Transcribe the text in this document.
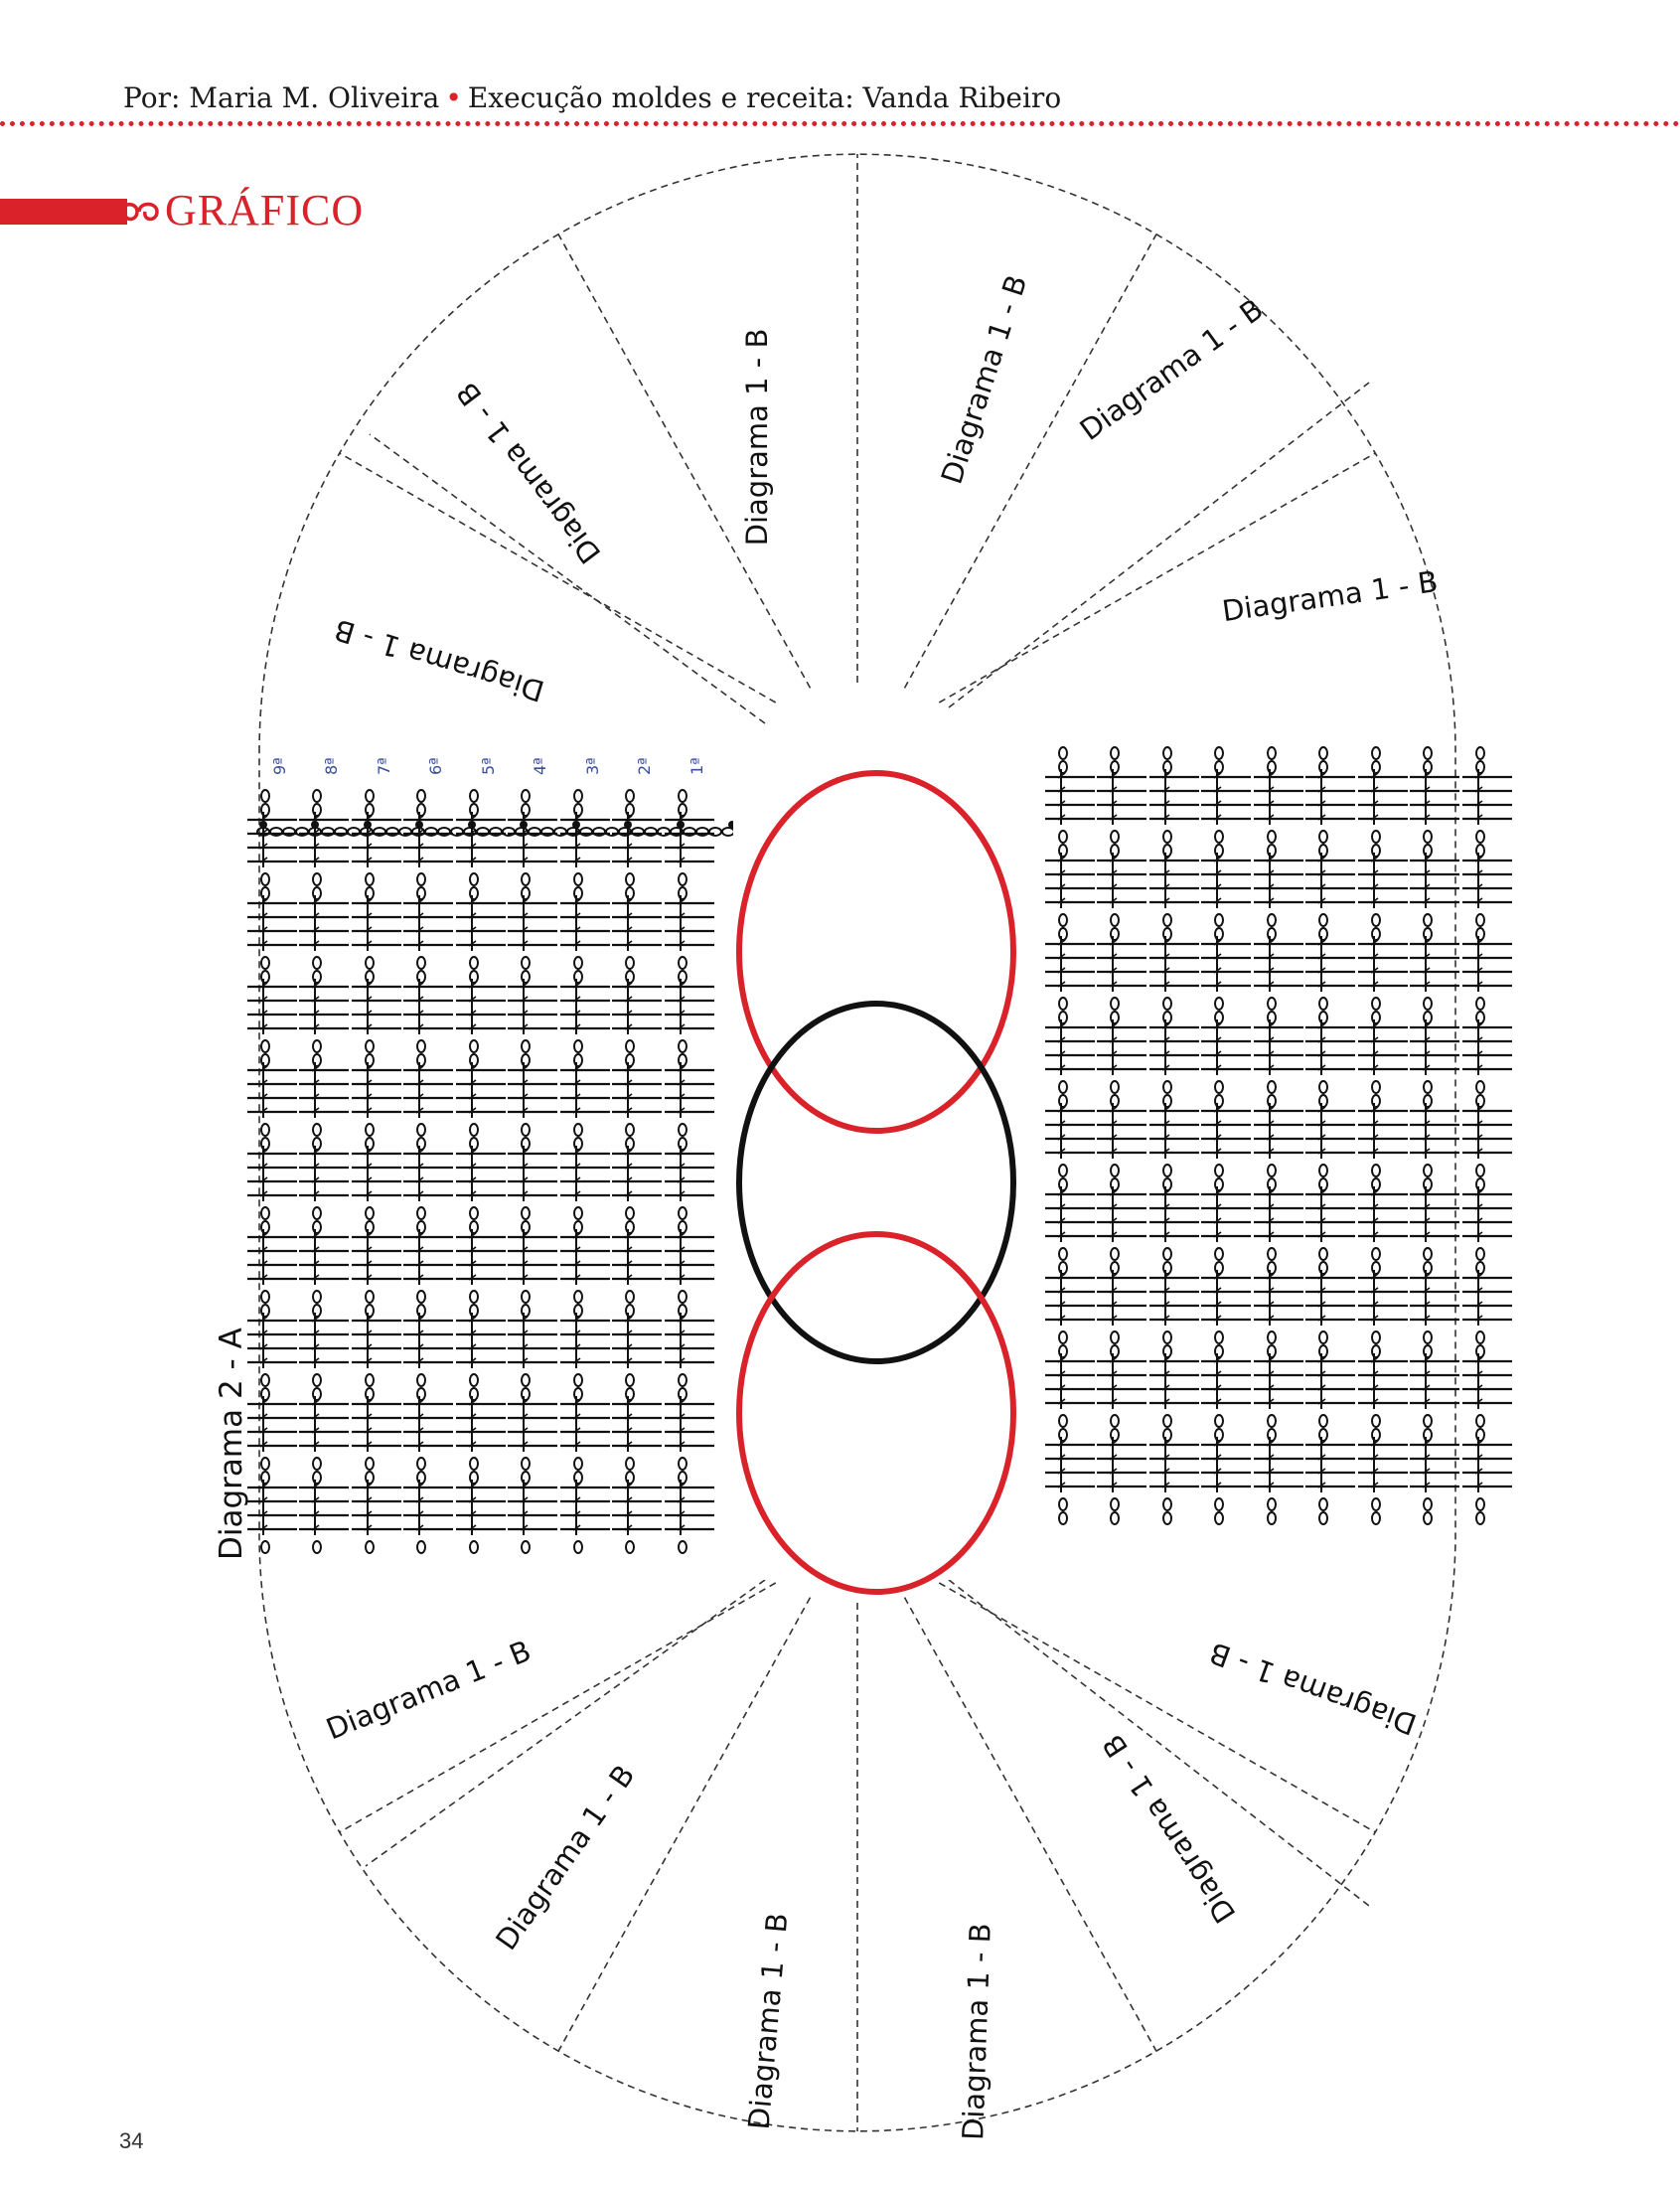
Por: Maria M. Oliveira • Execução moldes e receita: Vanda Ribeiro
GRÁFICO
Diagrama 1 - B
Diagrama 1 - B	Diagrama 1 - B	Diagrama 1 - B Diagrama 1 - B
Diagrama 1 - B
Diagrama 1 - B
Diagrama 1 - B
Diagrama 1 - B	Diagrama 1 - B
Diagrama 1 - B
Diagrama 1 - B
9ª 8ª 7ª 6ª 5ª 4ª 3ª 2ª 1ª
Diagrama 2 - A
34
